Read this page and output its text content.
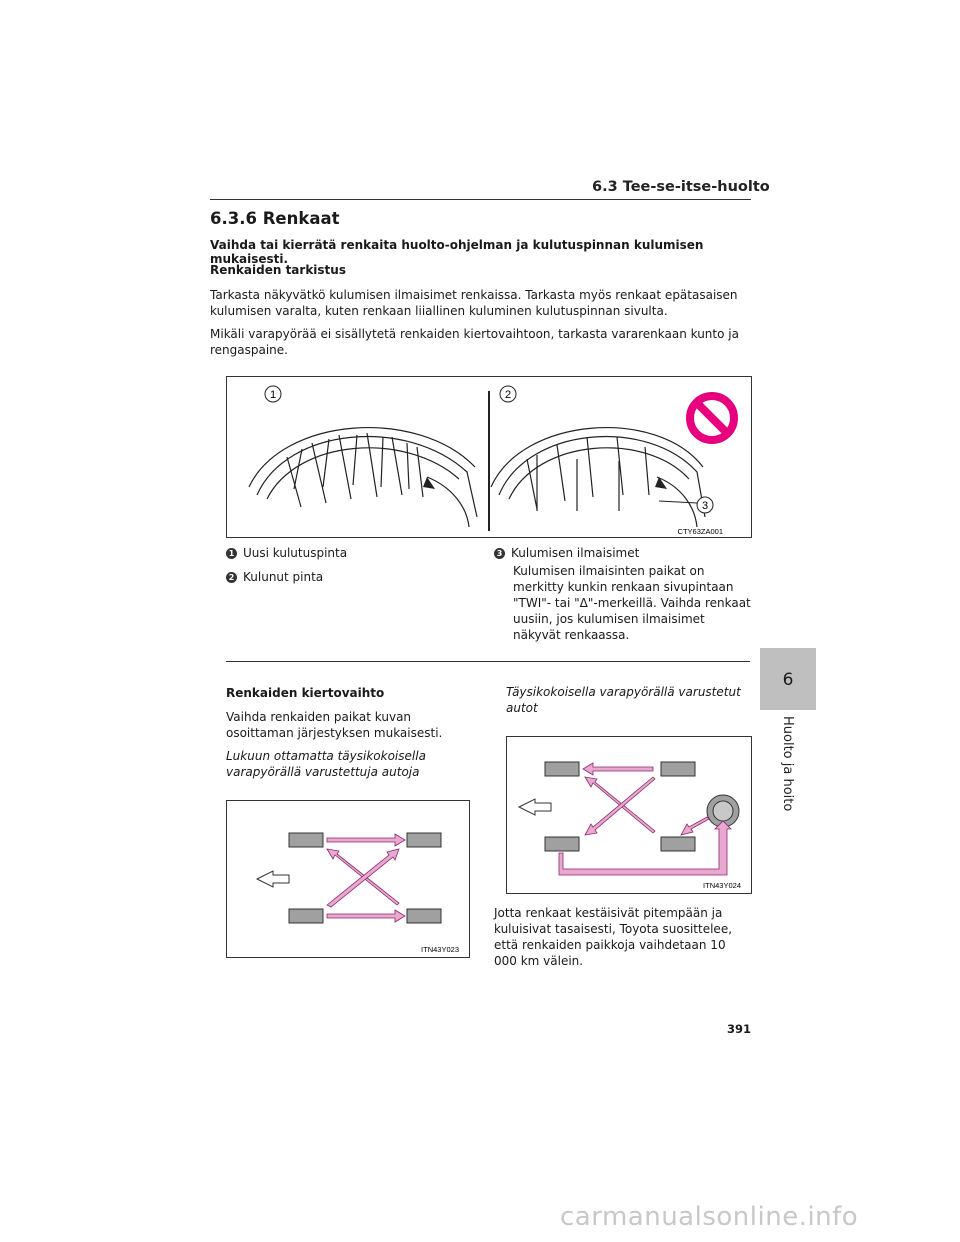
6.3 Tee-se-itse-huolto
6.3.6 Renkaat
Vaihda tai kierrätä renkaita huolto-ohjelman ja kulutuspinnan kulumisen mukaisesti.
Renkaiden tarkistus
Tarkasta näkyvätkö kulumisen ilmaisimet renkaissa. Tarkasta myös renkaat epätasaisen kulumisen varalta, kuten renkaan liiallinen kuluminen kulutuspinnan sivulta.
Mikäli varapyörää ei sisällytetä renkaiden kiertovaihtoon, tarkasta vararenkaan kunto ja rengaspaine.
1	2
3
CTY63ZA001
1 Uusi kulutuspinta
2 Kulunut pinta
3 Kulumisen ilmaisimet
Kulumisen ilmaisinten paikat on merkitty kunkin renkaan sivupintaan "TWI"- tai "Δ"-merkeillä. Vaihda renkaat uusiin, jos kulumisen ilmaisimet näkyvät renkaassa.
Renkaiden kiertovaihto
Vaihda renkaiden paikat kuvan osoittaman järjestyksen mukaisesti.
Lukuun ottamatta täysikokoisella varapyörällä varustettuja autoja
ITN43Y023
Täysikokoisella varapyörällä varustetut autot
ITN43Y024
Jotta renkaat kestäisivät pitempään ja kuluisivat tasaisesti, Toyota suosittelee, että renkaiden paikkoja vaihdetaan 10 000 km välein.
6
Huolto ja hoito
391
carmanualsonline.info
